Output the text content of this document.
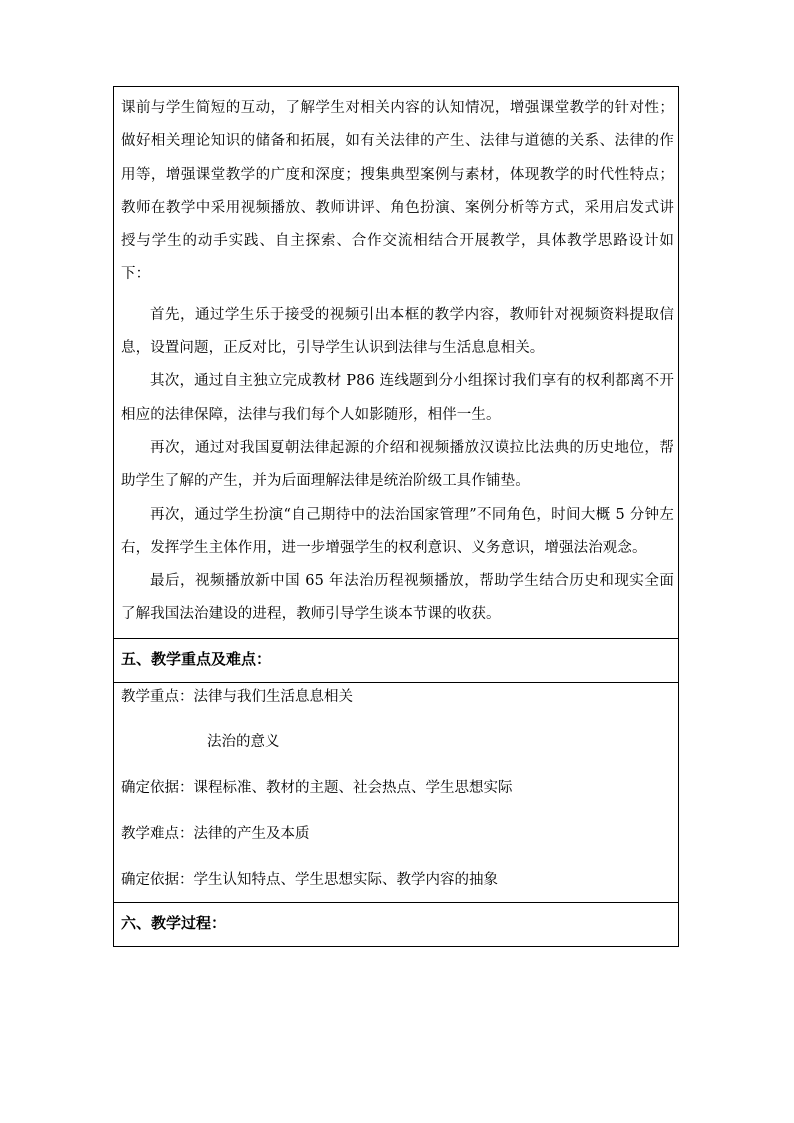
课前与学生简短的互动，了解学生对相关内容的认知情况，增强课堂教学的针对性；做好相关理论知识的储备和拓展，如有关法律的产生、法律与道德的关系、法律的作用等，增强课堂教学的广度和深度；搜集典型案例与素材，体现教学的时代性特点；教师在教学中采用视频播放、教师讲评、角色扮演、案例分析等方式，采用启发式讲授与学生的动手实践、自主探索、合作交流相结合开展教学，具体教学思路设计如下：

首先，通过学生乐于接受的视频引出本框的教学内容，教师针对视频资料提取信息，设置问题，正反对比，引导学生认识到法律与生活息息相关。

其次，通过自主独立完成教材 P86 连线题到分小组探讨我们享有的权利都离不开相应的法律保障，法律与我们每个人如影随形，相伴一生。

再次，通过对我国夏朝法律起源的介绍和视频播放汉谟拉比法典的历史地位，帮助学生了解的产生，并为后面理解法律是统治阶级工具作铺垫。

再次，通过学生扮演“自己期待中的法治国家管理”不同角色，时间大概 5 分钟左右，发挥学生主体作用，进一步增强学生的权利意识、义务意识，增强法治观念。

最后，视频播放新中国 65 年法治历程视频播放，帮助学生结合历史和现实全面了解我国法治建设的进程，教师引导学生谈本节课的收获。

五、教学重点及难点：

教学重点：法律与我们生活息息相关

法治的意义

确定依据：课程标准、教材的主题、社会热点、学生思想实际

教学难点：法律的产生及本质

确定依据：学生认知特点、学生思想实际、教学内容的抽象

六、教学过程：
